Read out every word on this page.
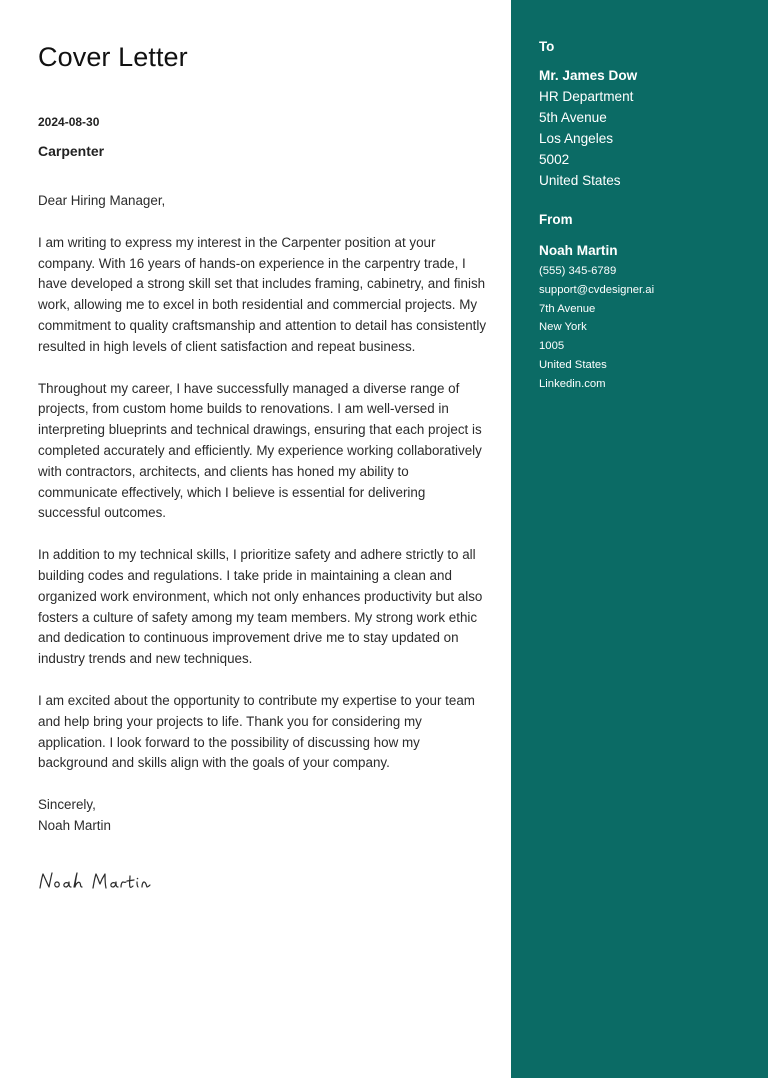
Cover Letter
2024-08-30
Carpenter

Dear Hiring Manager,

I am writing to express my interest in the Carpenter position at your company. With 16 years of hands-on experience in the carpentry trade, I have developed a strong skill set that includes framing, cabinetry, and finish work, allowing me to excel in both residential and commercial projects. My commitment to quality craftsmanship and attention to detail has consistently resulted in high levels of client satisfaction and repeat business.

Throughout my career, I have successfully managed a diverse range of projects, from custom home builds to renovations. I am well-versed in interpreting blueprints and technical drawings, ensuring that each project is completed accurately and efficiently. My experience working collaboratively with contractors, architects, and clients has honed my ability to communicate effectively, which I believe is essential for delivering successful outcomes.

In addition to my technical skills, I prioritize safety and adhere strictly to all building codes and regulations. I take pride in maintaining a clean and organized work environment, which not only enhances productivity but also fosters a culture of safety among my team members. My strong work ethic and dedication to continuous improvement drive me to stay updated on industry trends and new techniques.

I am excited about the opportunity to contribute my expertise to your team and help bring your projects to life. Thank you for considering my application. I look forward to the possibility of discussing how my background and skills align with the goals of your company.

Sincerely,

Noah Martin

To
Mr. James Dow
HR Department
5th Avenue
Los Angeles
5002
United States
From
Noah Martin
(555) 345-6789
support@cvdesigner.ai
7th Avenue
New York
1005
United States
Linkedin.com
